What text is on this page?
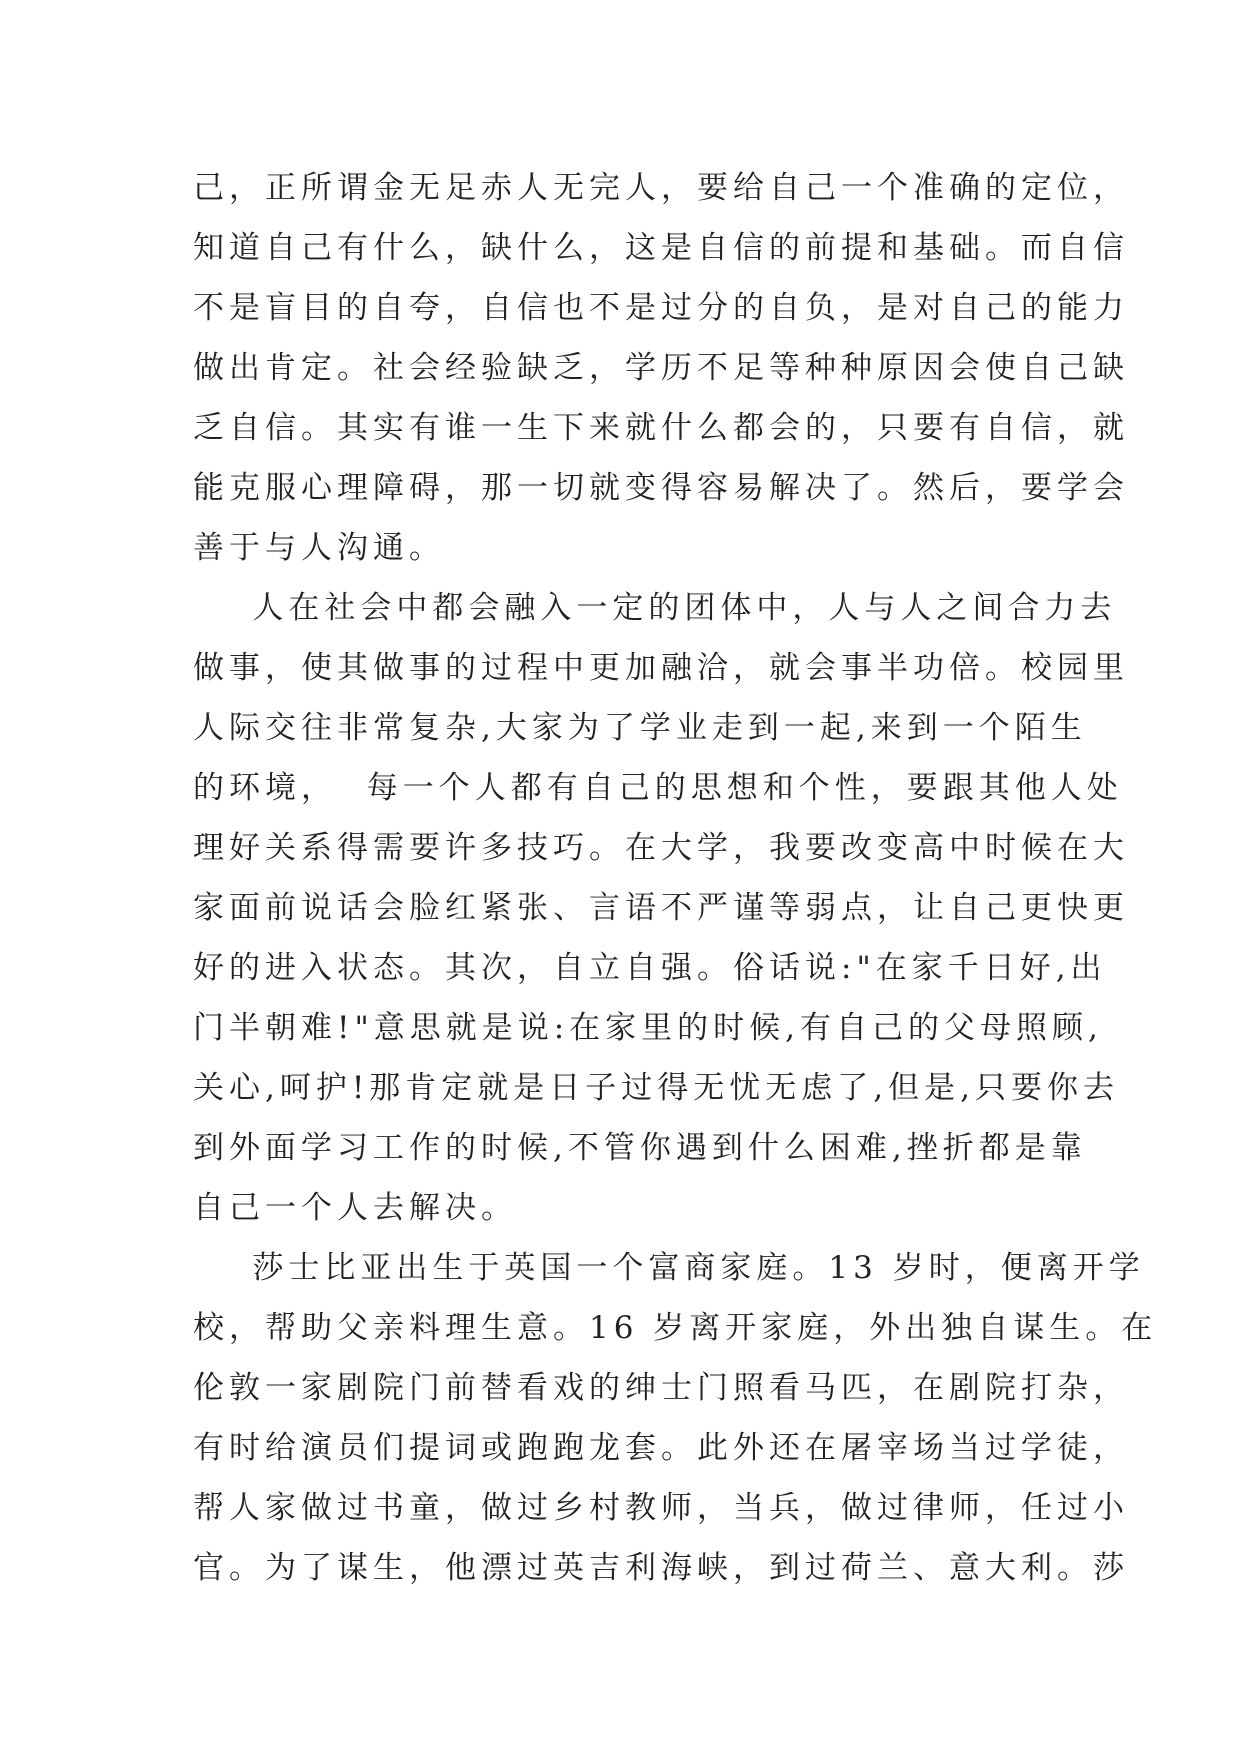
己，正所谓金无足赤人无完人，要给自己一个准确的定位，
知道自己有什么，缺什么，这是自信的前提和基础。而自信
不是盲目的自夸，自信也不是过分的自负，是对自己的能力
做出肯定。社会经验缺乏，学历不足等种种原因会使自己缺
乏自信。其实有谁一生下来就什么都会的，只要有自信，就
能克服心理障碍，那一切就变得容易解决了。然后，要学会
善于与人沟通。
人在社会中都会融入一定的团体中，人与人之间合力去
做事，使其做事的过程中更加融洽，就会事半功倍。校园里
人际交往非常复杂,大家为了学业走到一起,来到一个陌生
的环境，  每一个人都有自己的思想和个性，要跟其他人处
理好关系得需要许多技巧。在大学，我要改变高中时候在大
家面前说话会脸红紧张、言语不严谨等弱点，让自己更快更
好的进入状态。其次，自立自强。俗话说:"在家千日好,出
门半朝难!"意思就是说:在家里的时候,有自己的父母照顾,
关心,呵护!那肯定就是日子过得无忧无虑了,但是,只要你去
到外面学习工作的时候,不管你遇到什么困难,挫折都是靠
自己一个人去解决。
莎士比亚出生于英国一个富商家庭。13 岁时，便离开学
校，帮助父亲料理生意。16 岁离开家庭，外出独自谋生。在
伦敦一家剧院门前替看戏的绅士门照看马匹，在剧院打杂，
有时给演员们提词或跑跑龙套。此外还在屠宰场当过学徒，
帮人家做过书童，做过乡村教师，当兵，做过律师，任过小
官。为了谋生，他漂过英吉利海峡，到过荷兰、意大利。莎
